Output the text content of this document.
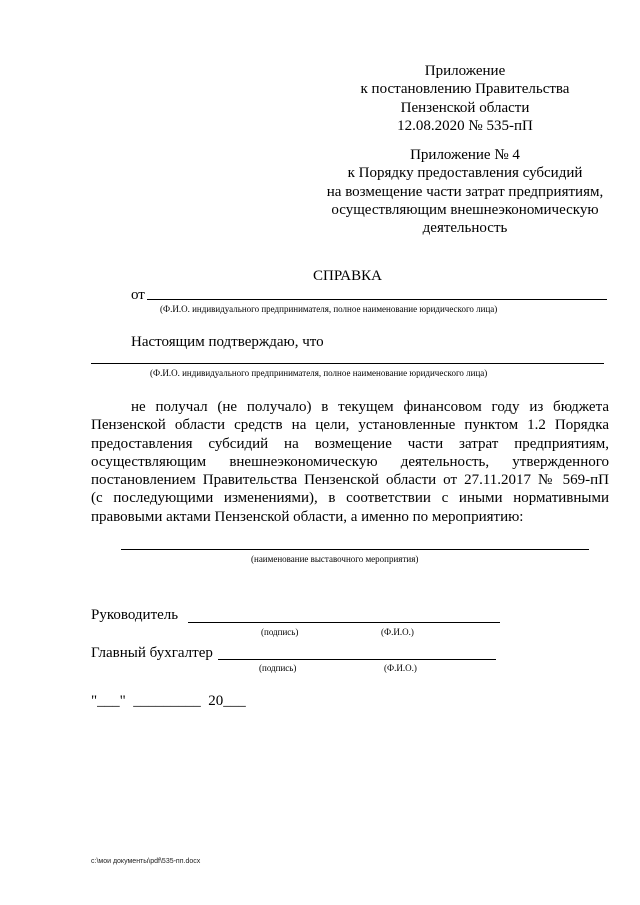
Приложение
к постановлению Правительства
Пензенской области
12.08.2020 № 535-пП
Приложение № 4
к Порядку предоставления субсидий
на возмещение части затрат предприятиям,
осуществляющим внешнеэкономическую
деятельность
СПРАВКА
от
(Ф.И.О. индивидуального предпринимателя, полное наименование юридического лица)
Настоящим подтверждаю, что
(Ф.И.О. индивидуального предпринимателя, полное наименование юридического лица)
не получал (не получало) в текущем финансовом году из бюджета
Пензенской области средств на цели, установленные пунктом 1.2 Порядка
предоставления субсидий на возмещение части затрат предприятиям,
осуществляющим внешнеэкономическую деятельность, утвержденного
постановлением Правительства Пензенской области от 27.11.2017 № 569-пП
(с последующими изменениями), в соответствии с иными нормативными
правовыми актами Пензенской области, а именно по мероприятию:
(наименование выставочного мероприятия)
Руководитель
(подпись)	(Ф.И.О.)
Главный бухгалтер
(подпись)	(Ф.И.О.)
"___"  _________  20___
c:\мои документы\pdf\535-пп.docx
